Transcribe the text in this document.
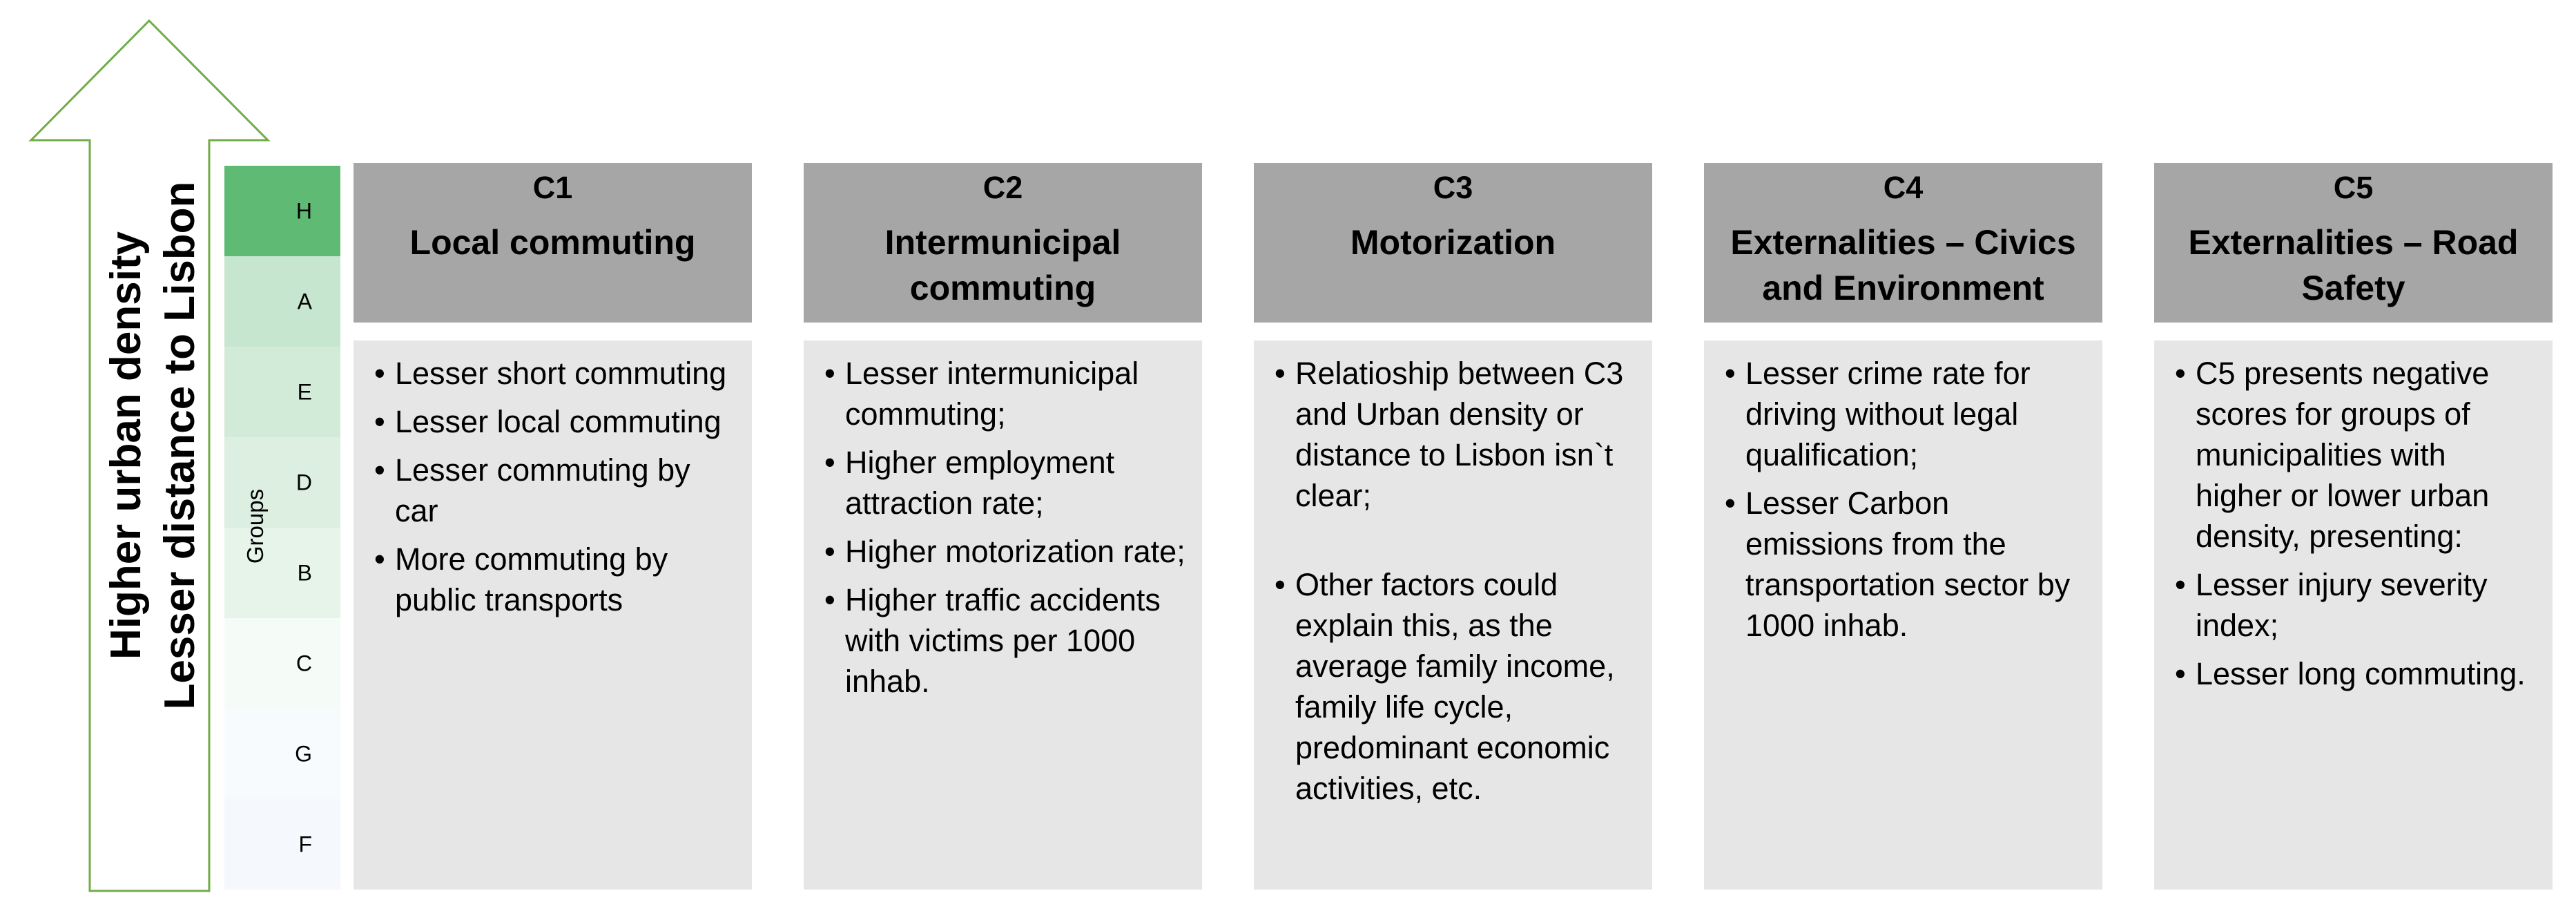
Higher urban density Lesser distance to Lisbon	H
A
E
D
B
C
G
F
Groups
C1
Local commuting
• Lesser short commuting
• Lesser local commuting
• Lesser commuting by car
• More commuting by public transports
C2
Intermunicipal commuting
• Lesser intermunicipal commuting;
• Higher employment attraction rate;
• Higher motorization rate;
• Higher traffic accidents with victims per 1000 inhab.
C3
Motorization
• Relatioship between C3 and Urban density or distance to Lisbon isn`t clear;
• Other factors could explain this, as the average family income, family life cycle, predominant economic activities, etc.
C4
Externalities – Civics and Environment
• Lesser crime rate for driving without legal qualification;
• Lesser Carbon emissions from the transportation sector by 1000 inhab.
C5
Externalities – Road Safety
• C5 presents negative scores for groups of municipalities with higher or lower urban density, presenting:
• Lesser injury severity index;
• Lesser long commuting.
